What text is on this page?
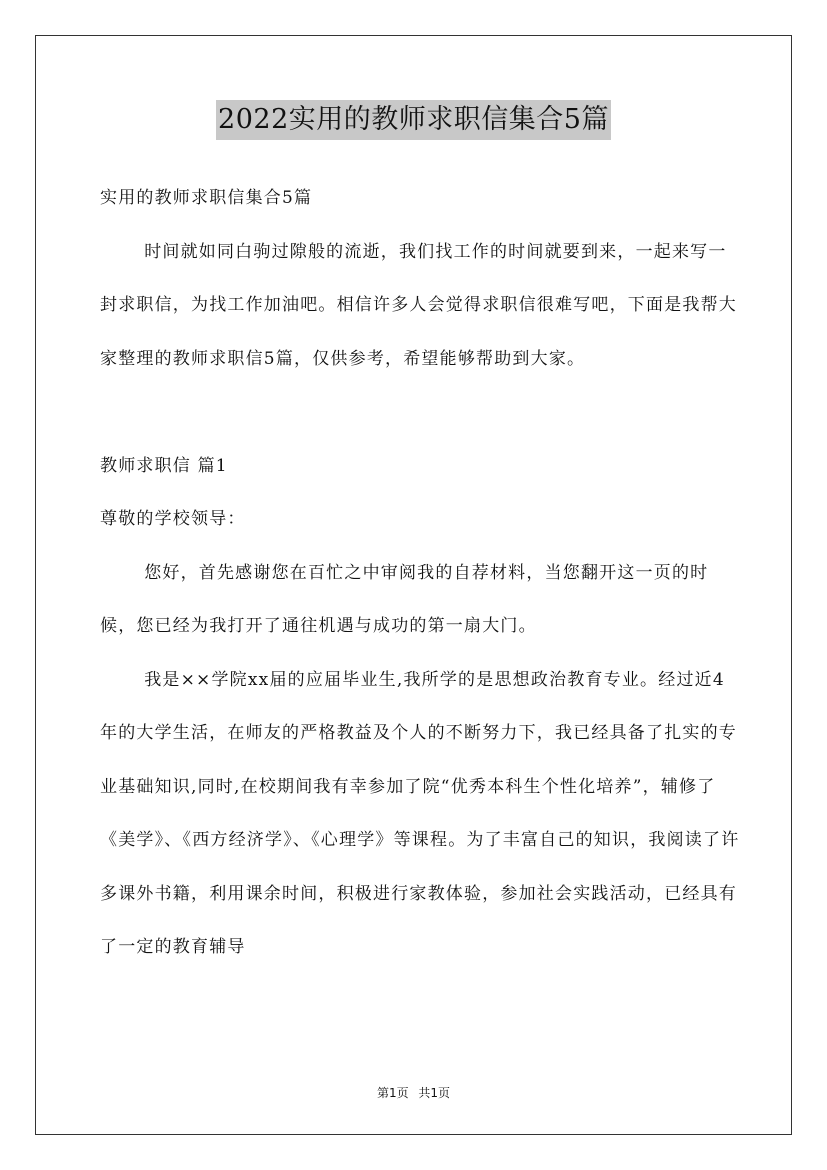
2022实用的教师求职信集合5篇

实用的教师求职信集合5篇

时间就如同白驹过隙般的流逝，我们找工作的时间就要到来，一起来写一封求职信，为找工作加油吧。相信许多人会觉得求职信很难写吧，下面是我帮大家整理的教师求职信5篇，仅供参考，希望能够帮助到大家。

教师求职信 篇1

尊敬的学校领导：

您好，首先感谢您在百忙之中审阅我的自荐材料，当您翻开这一页的时候，您已经为我打开了通往机遇与成功的第一扇大门。

我是××学院xx届的应届毕业生,我所学的是思想政治教育专业。经过近4年的大学生活，在师友的严格教益及个人的不断努力下，我已经具备了扎实的专业基础知识,同时,在校期间我有幸参加了院“优秀本科生个性化培养”，辅修了《美学》、《西方经济学》、《心理学》等课程。为了丰富自己的知识，我阅读了许多课外书籍，利用课余时间，积极进行家教体验，参加社会实践活动，已经具有了一定的教育辅导

第1页 共1页
